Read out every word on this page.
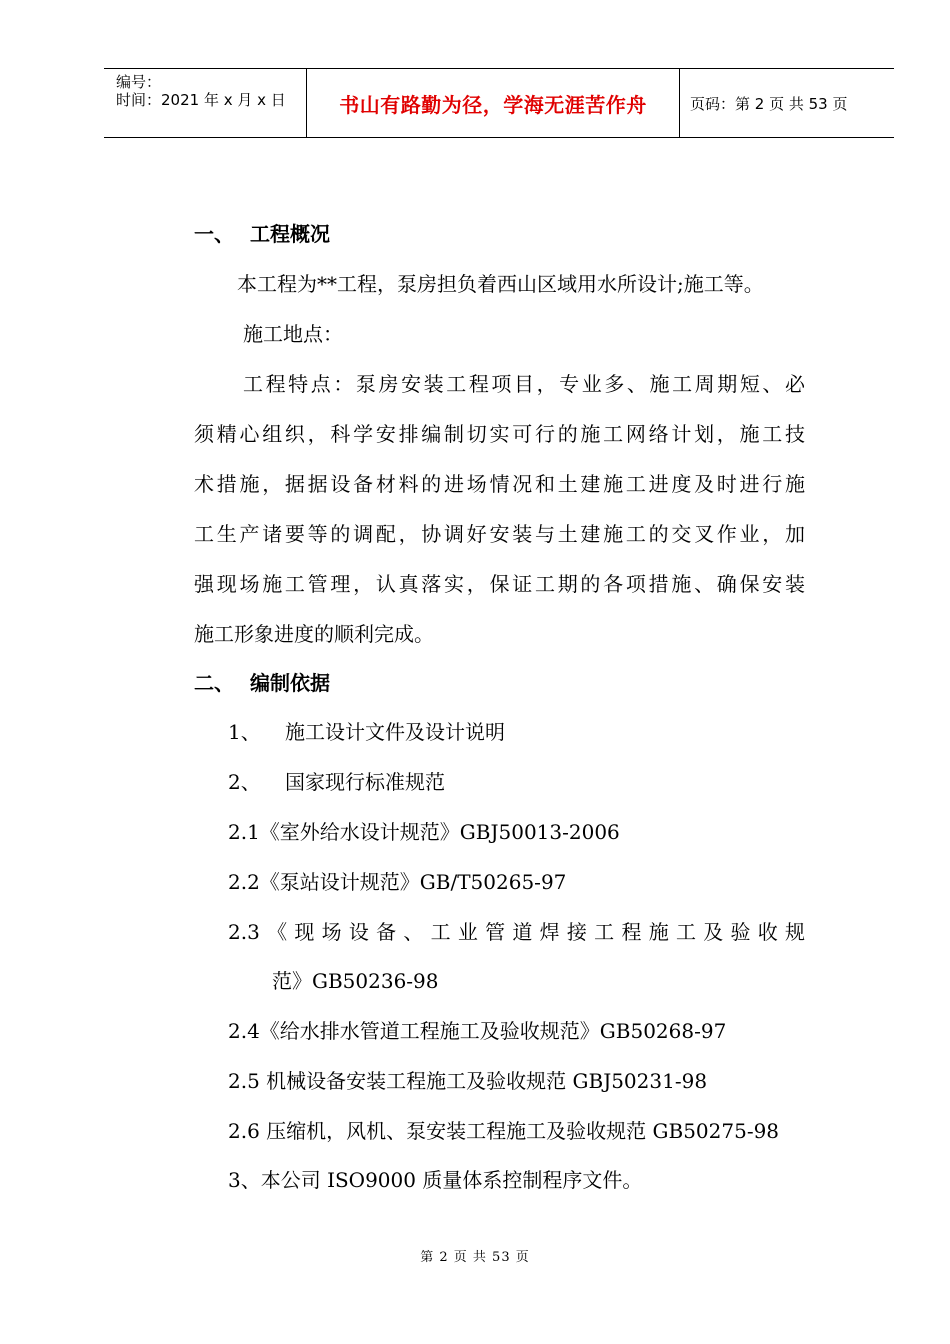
编号：
时间：2021 年 x 月 x 日	书山有路勤为径，学海无涯苦作舟	页码：第 2 页 共 53 页
一、 工程概况
本工程为**工程，泵房担负着西山区域用水所设计;施工等。
施工地点：
工程特点：泵房安装工程项目，专业多、施工周期短、必
须精心组织，科学安排编制切实可行的施工网络计划，施工技
术措施，据据设备材料的进场情况和土建施工进度及时进行施
工生产诸要等的调配，协调好安装与土建施工的交叉作业，加
强现场施工管理，认真落实，保证工期的各项措施、确保安装
施工形象进度的顺利完成。
二、 编制依据
1、 施工设计文件及设计说明
2、 国家现行标准规范
2.1《室外给水设计规范》GBJ50013-2006
2.2《泵站设计规范》GB/T50265-97
2.3《现场设备、工业管道焊接工程施工及验收规
范》GB50236-98
2.4《给水排水管道工程施工及验收规范》GB50268-97
2.5 机械设备安装工程施工及验收规范 GBJ50231-98
2.6 压缩机，风机、泵安装工程施工及验收规范 GB50275-98
3、本公司 ISO9000 质量体系控制程序文件。
第 2 页 共 53 页
